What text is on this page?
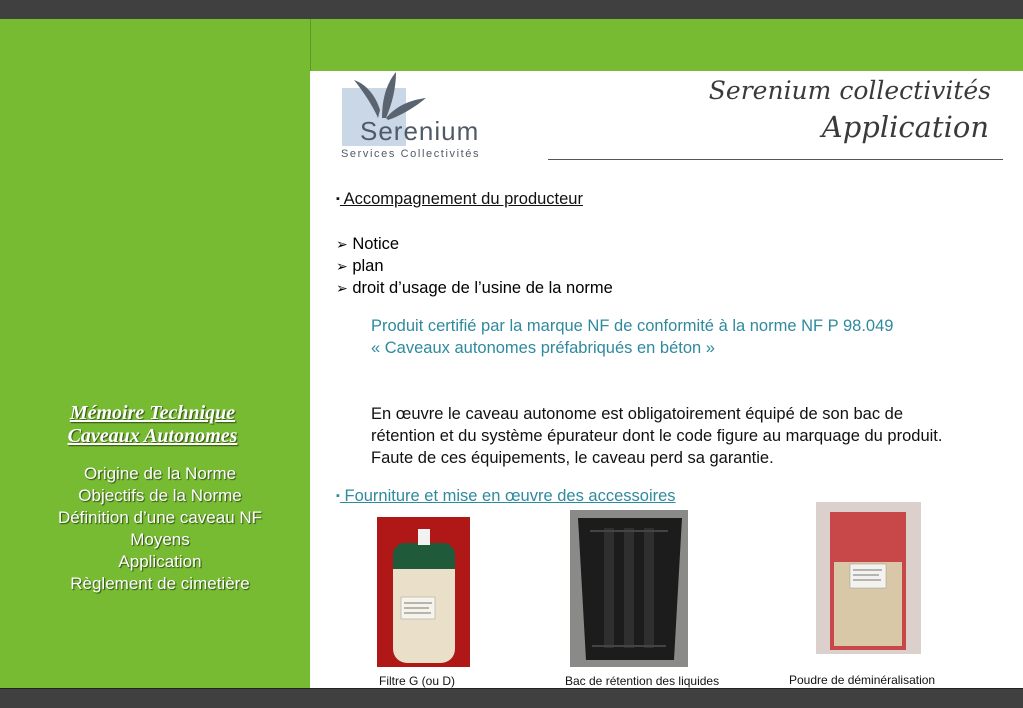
Mémoire Technique
Caveaux Autonomes
Origine de la Norme
Objectifs de la Norme
Définition d’une caveau NF
Moyens
Application
Règlement de cimetière
Serenium
Services Collectivités
Serenium collectivités
Application
▪ Accompagnement du producteur
➢ Notice
➢ plan
➢ droit d’usage de l’usine de la norme
Produit certifié par la marque NF de conformité à la norme NF P 98.049
« Caveaux autonomes préfabriqués en béton »
En œuvre le caveau autonome est obligatoirement équipé de son bac de
rétention et du système épurateur dont le code figure au marquage du produit.
Faute de ces équipements, le caveau perd sa garantie.
▪ Fourniture et mise en œuvre des accessoires
Filtre G (ou D)	Bac de rétention des liquides	Poudre de déminéralisation
